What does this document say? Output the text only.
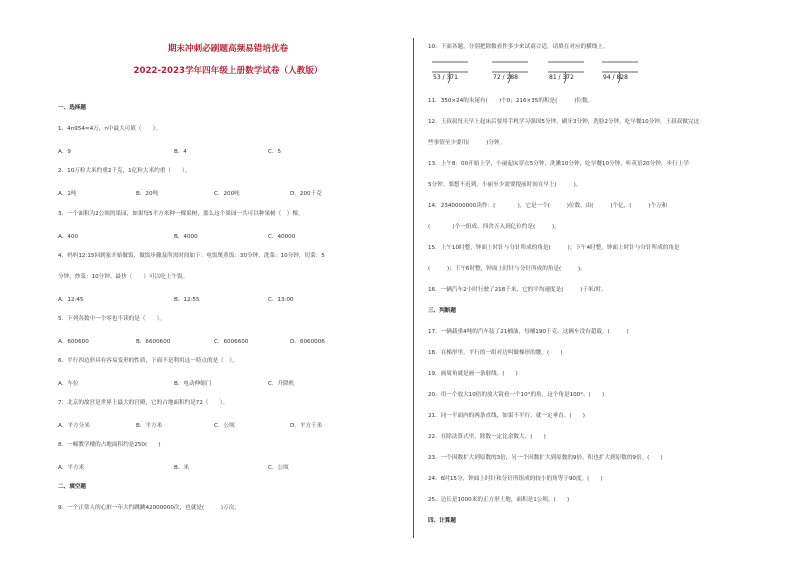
期末冲刺必刷题高频易错培优卷
2022-2023学年四年级上册数学试卷（人教版）
一、选择题
1．4n954≈4万，n中最大可填（　　）。
A．9	B．4	C．5
2．10万粒大米约重2千克，1亿粒大米约重（　　）。
A．2吨	B．20吨	C．200吨	D．200千克
3．一个面积为2公顷的果园，如果每5平方米种一棵果树，那么这个果园一共可以种果树（　）棵。
A．400	B．4000	C．40000
4．妈妈12:15回到家开始做饭，做饭步骤及所需时间如下：电饭煲煮饭：30分钟，洗菜：10分钟，切菜：5
分钟，炒菜：10分钟。最快（　　）可以吃上午饭。
A．12:45	B．12:55	C．13:00
5．下列各数中一个零也不读的是（　　）。
A．600600	B．6600600	C．6006600	D．6060006
6．平行四边形具有容易变形的性质，下面不是利用这一特点的是（　）。
A．车位	B．电动伸缩门	C．升降机
7．北京的故宫是世界上最大的宫殿，它的占地面积约是72（　　）。
A．平方分米	B．平方米	C．公顷	D．平方千米
8．一幢教学楼的占地面积约是250(　　)
A．平方米	B．米	C．公顷
二、填空题
9．一个正常人的心脏一年大约跳跳42000000次，也就是(　　　)万次。
10．下面各题，分别把除数看作多少来试商合适，请填在对应的横线上。
53 / 371	72 / 288	81 / 372	94 / 828
11．350×24的末尾有(　　)个0；216×35的积是(　　　)位数。
12．王叔叔每天早上起床后要用手机学习强国5分钟，刷牙3分钟，洗脸2分钟，吃早餐10分钟。王叔叔做完这
些事情至少要用(　　　)分钟。
13．上午8：00开始上学，小丽起床穿衣5分钟，洗漱10分钟，吃早餐10分钟，听英语20分钟，步行上学
5分钟。要想不迟到，小丽至少需要提前时间在早上(　　　)。
14．2340000000读作：(　　　　)，它是一个(　　　)位数，由(　　　)个亿，(　　　)个万和
(　　　　)个一组成，四舍五入到亿位约是(　　　)。
15．上午10时整，钟面上时针与分针所成的角是(　　　)；下午4时整，钟面上时针与分针所成的角是
(　　　)；下午6时整，钟面上时针与分针所成的角是(　　　)。
16．一辆汽车2小时行驶了218千米，它的平均速度是(　　　)千米/时。
三、判断题
17．一辆载重4吨的汽车装了21桶油，每桶190千克。这辆车没有超载。(　　　)
18．在梯形里，平行的一组对边叫做梯形的腰。(　　)
19．画周角就是画一条射线。(　　)
20．用一个放大10倍的放大镜看一个10°的角，这个角是100°。(　　)
21．同一平面内的两条直线，如果不平行，就一定垂直。(　　)
22．在除法算式里，除数一定比余数大。(　　)
23．一个因数扩大到原数的3倍，另一个因数扩大到原数的9倍，积也扩大到原数的9倍。(　　)
24．6时15分，钟面上时针和分针所组成的较小的角等于90度。(　　)
25．边长是1000米的正方形土地，面积是1公顷。(　　)
四、计算题
